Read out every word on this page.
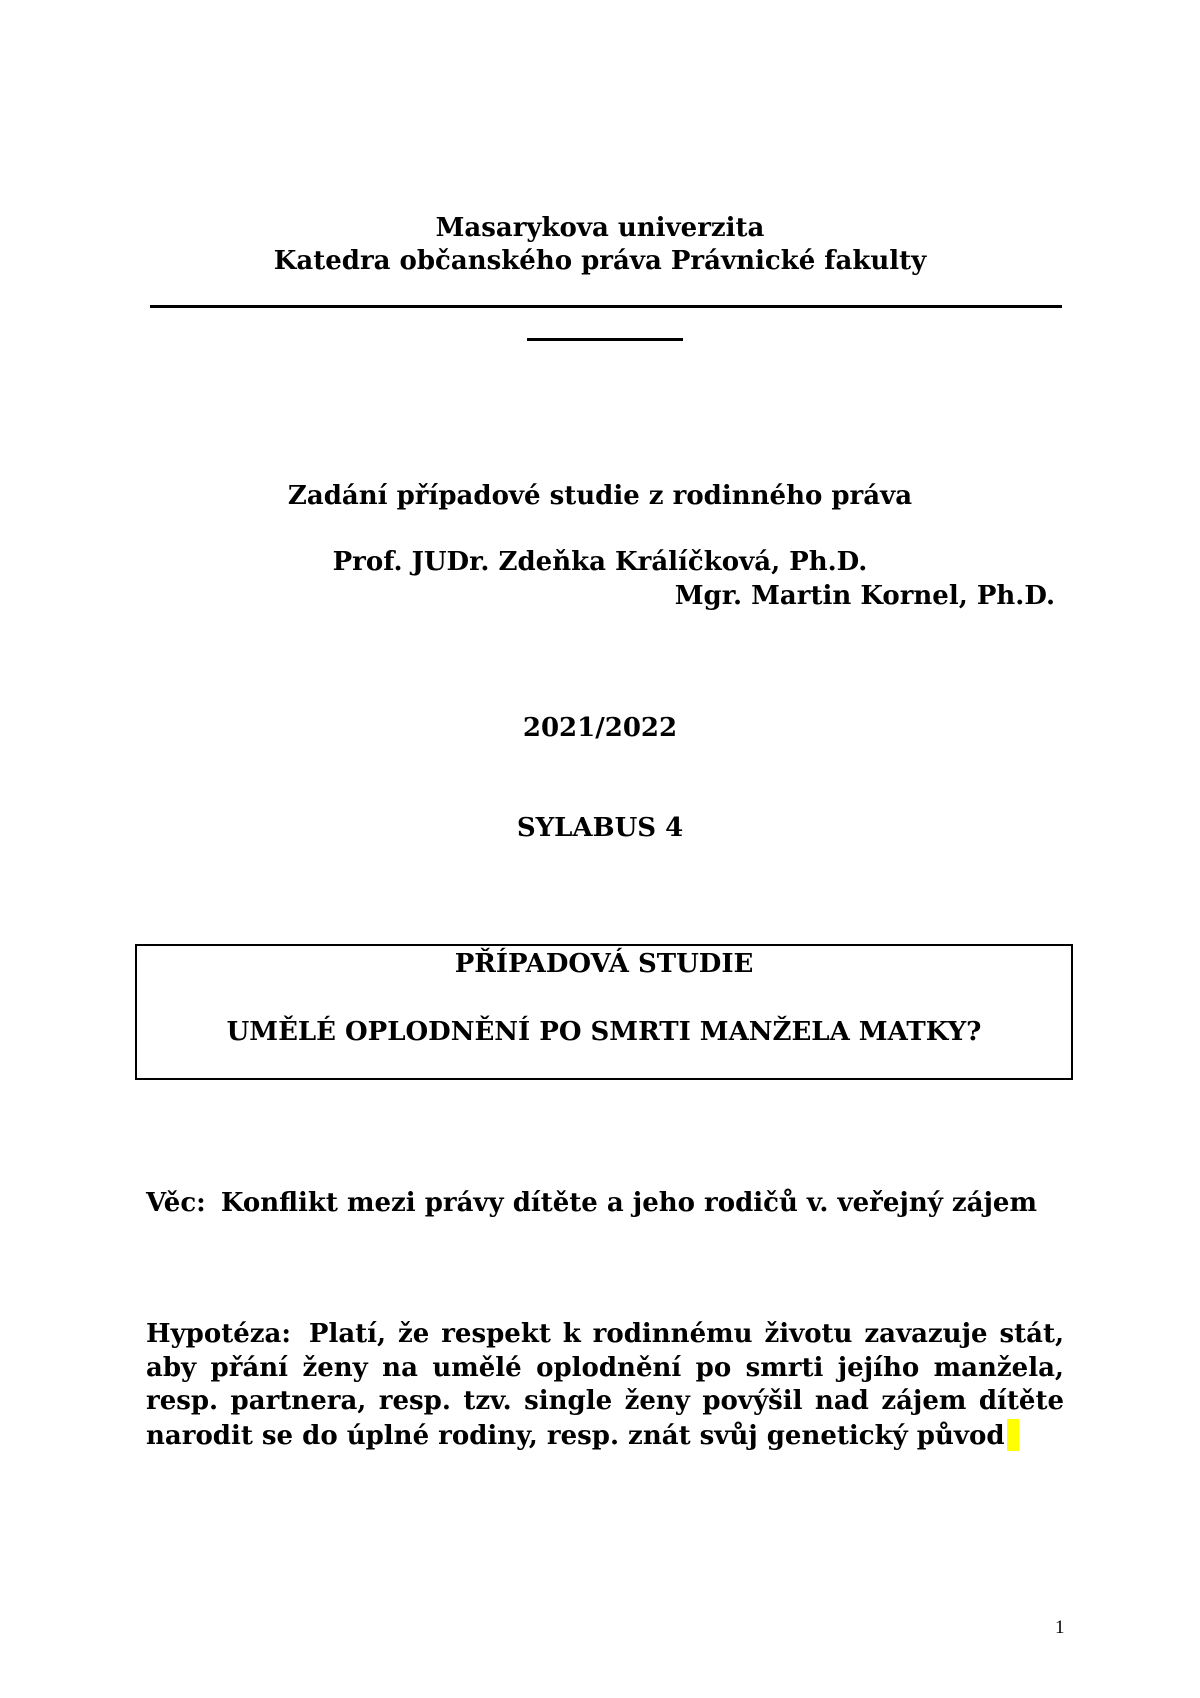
Masarykova univerzita
Katedra občanského práva Právnické fakulty
Zadání případové studie z rodinného práva
Prof. JUDr. Zdeňka Králíčková, Ph.D.
Mgr. Martin Kornel, Ph.D.
2021/2022
SYLABUS 4
PŘÍPADOVÁ STUDIE
UMĚLÉ OPLODNĚNÍ PO SMRTI MANŽELA MATKY?
Věc: Konflikt mezi právy dítěte a jeho rodičů v. veřejný zájem
Hypotéza: Platí, že respekt k rodinnému životu zavazuje stát, aby přání ženy na umělé oplodnění po smrti jejího manžela, resp. partnera, resp. tzv. single ženy povýšil nad zájem dítěte narodit se do úplné rodiny, resp. znát svůj genetický původ
1
